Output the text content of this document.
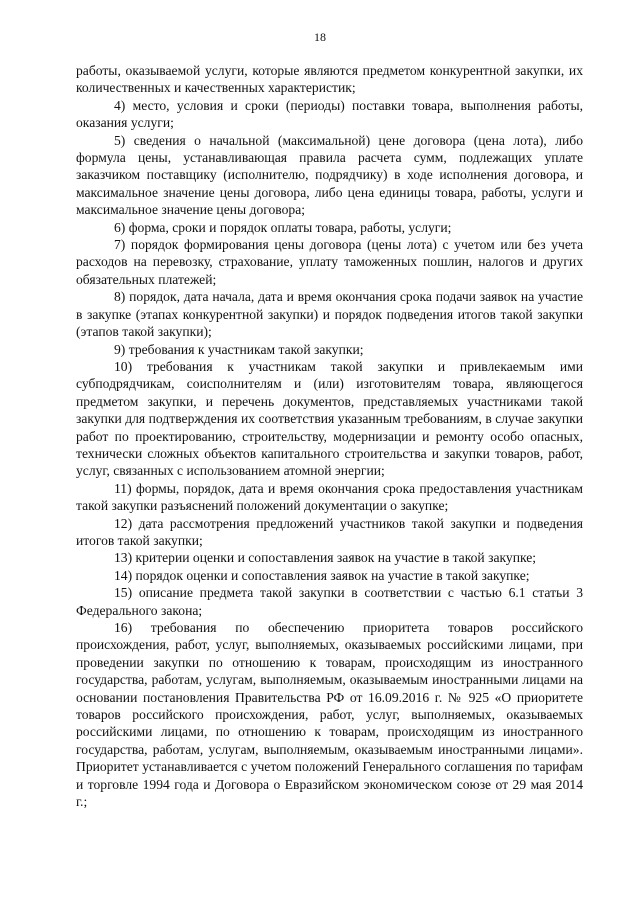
18

работы, оказываемой услуги, которые являются предметом конкурентной закупки, их количественных и качественных характеристик;

4) место, условия и сроки (периоды) поставки товара, выполнения работы, оказания услуги;

5) сведения о начальной (максимальной) цене договора (цена лота), либо формула цены, устанавливающая правила расчета сумм, подлежащих уплате заказчиком поставщику (исполнителю, подрядчику) в ходе исполнения договора, и максимальное значение цены договора, либо цена единицы товара, работы, услуги и максимальное значение цены договора;

6) форма, сроки и порядок оплаты товара, работы, услуги;

7) порядок формирования цены договора (цены лота) с учетом или без учета расходов на перевозку, страхование, уплату таможенных пошлин, налогов и других обязательных платежей;

8) порядок, дата начала, дата и время окончания срока подачи заявок на участие в закупке (этапах конкурентной закупки) и порядок подведения итогов такой закупки (этапов такой закупки);

9) требования к участникам такой закупки;

10) требования к участникам такой закупки и привлекаемым ими субподрядчикам, соисполнителям и (или) изготовителям товара, являющегося предметом закупки, и перечень документов, представляемых участниками такой закупки для подтверждения их соответствия указанным требованиям, в случае закупки работ по проектированию, строительству, модернизации и ремонту особо опасных, технически сложных объектов капитального строительства и закупки товаров, работ, услуг, связанных с использованием атомной энергии;

11) формы, порядок, дата и время окончания срока предоставления участникам такой закупки разъяснений положений документации о закупке;

12) дата рассмотрения предложений участников такой закупки и подведения итогов такой закупки;

13) критерии оценки и сопоставления заявок на участие в такой закупке;

14) порядок оценки и сопоставления заявок на участие в такой закупке;

15) описание предмета такой закупки в соответствии с частью 6.1 статьи 3 Федерального закона;

16) требования по обеспечению приоритета товаров российского происхождения, работ, услуг, выполняемых, оказываемых российскими лицами, при проведении закупки по отношению к товарам, происходящим из иностранного государства, работам, услугам, выполняемым, оказываемым иностранными лицами на основании постановления Правительства РФ от 16.09.2016 г. № 925 «О приоритете товаров российского происхождения, работ, услуг, выполняемых, оказываемых российскими лицами, по отношению к товарам, происходящим из иностранного государства, работам, услугам, выполняемым, оказываемым иностранными лицами». Приоритет устанавливается с учетом положений Генерального соглашения по тарифам и торговле 1994 года и Договора о Евразийском экономическом союзе от 29 мая 2014 г.;
